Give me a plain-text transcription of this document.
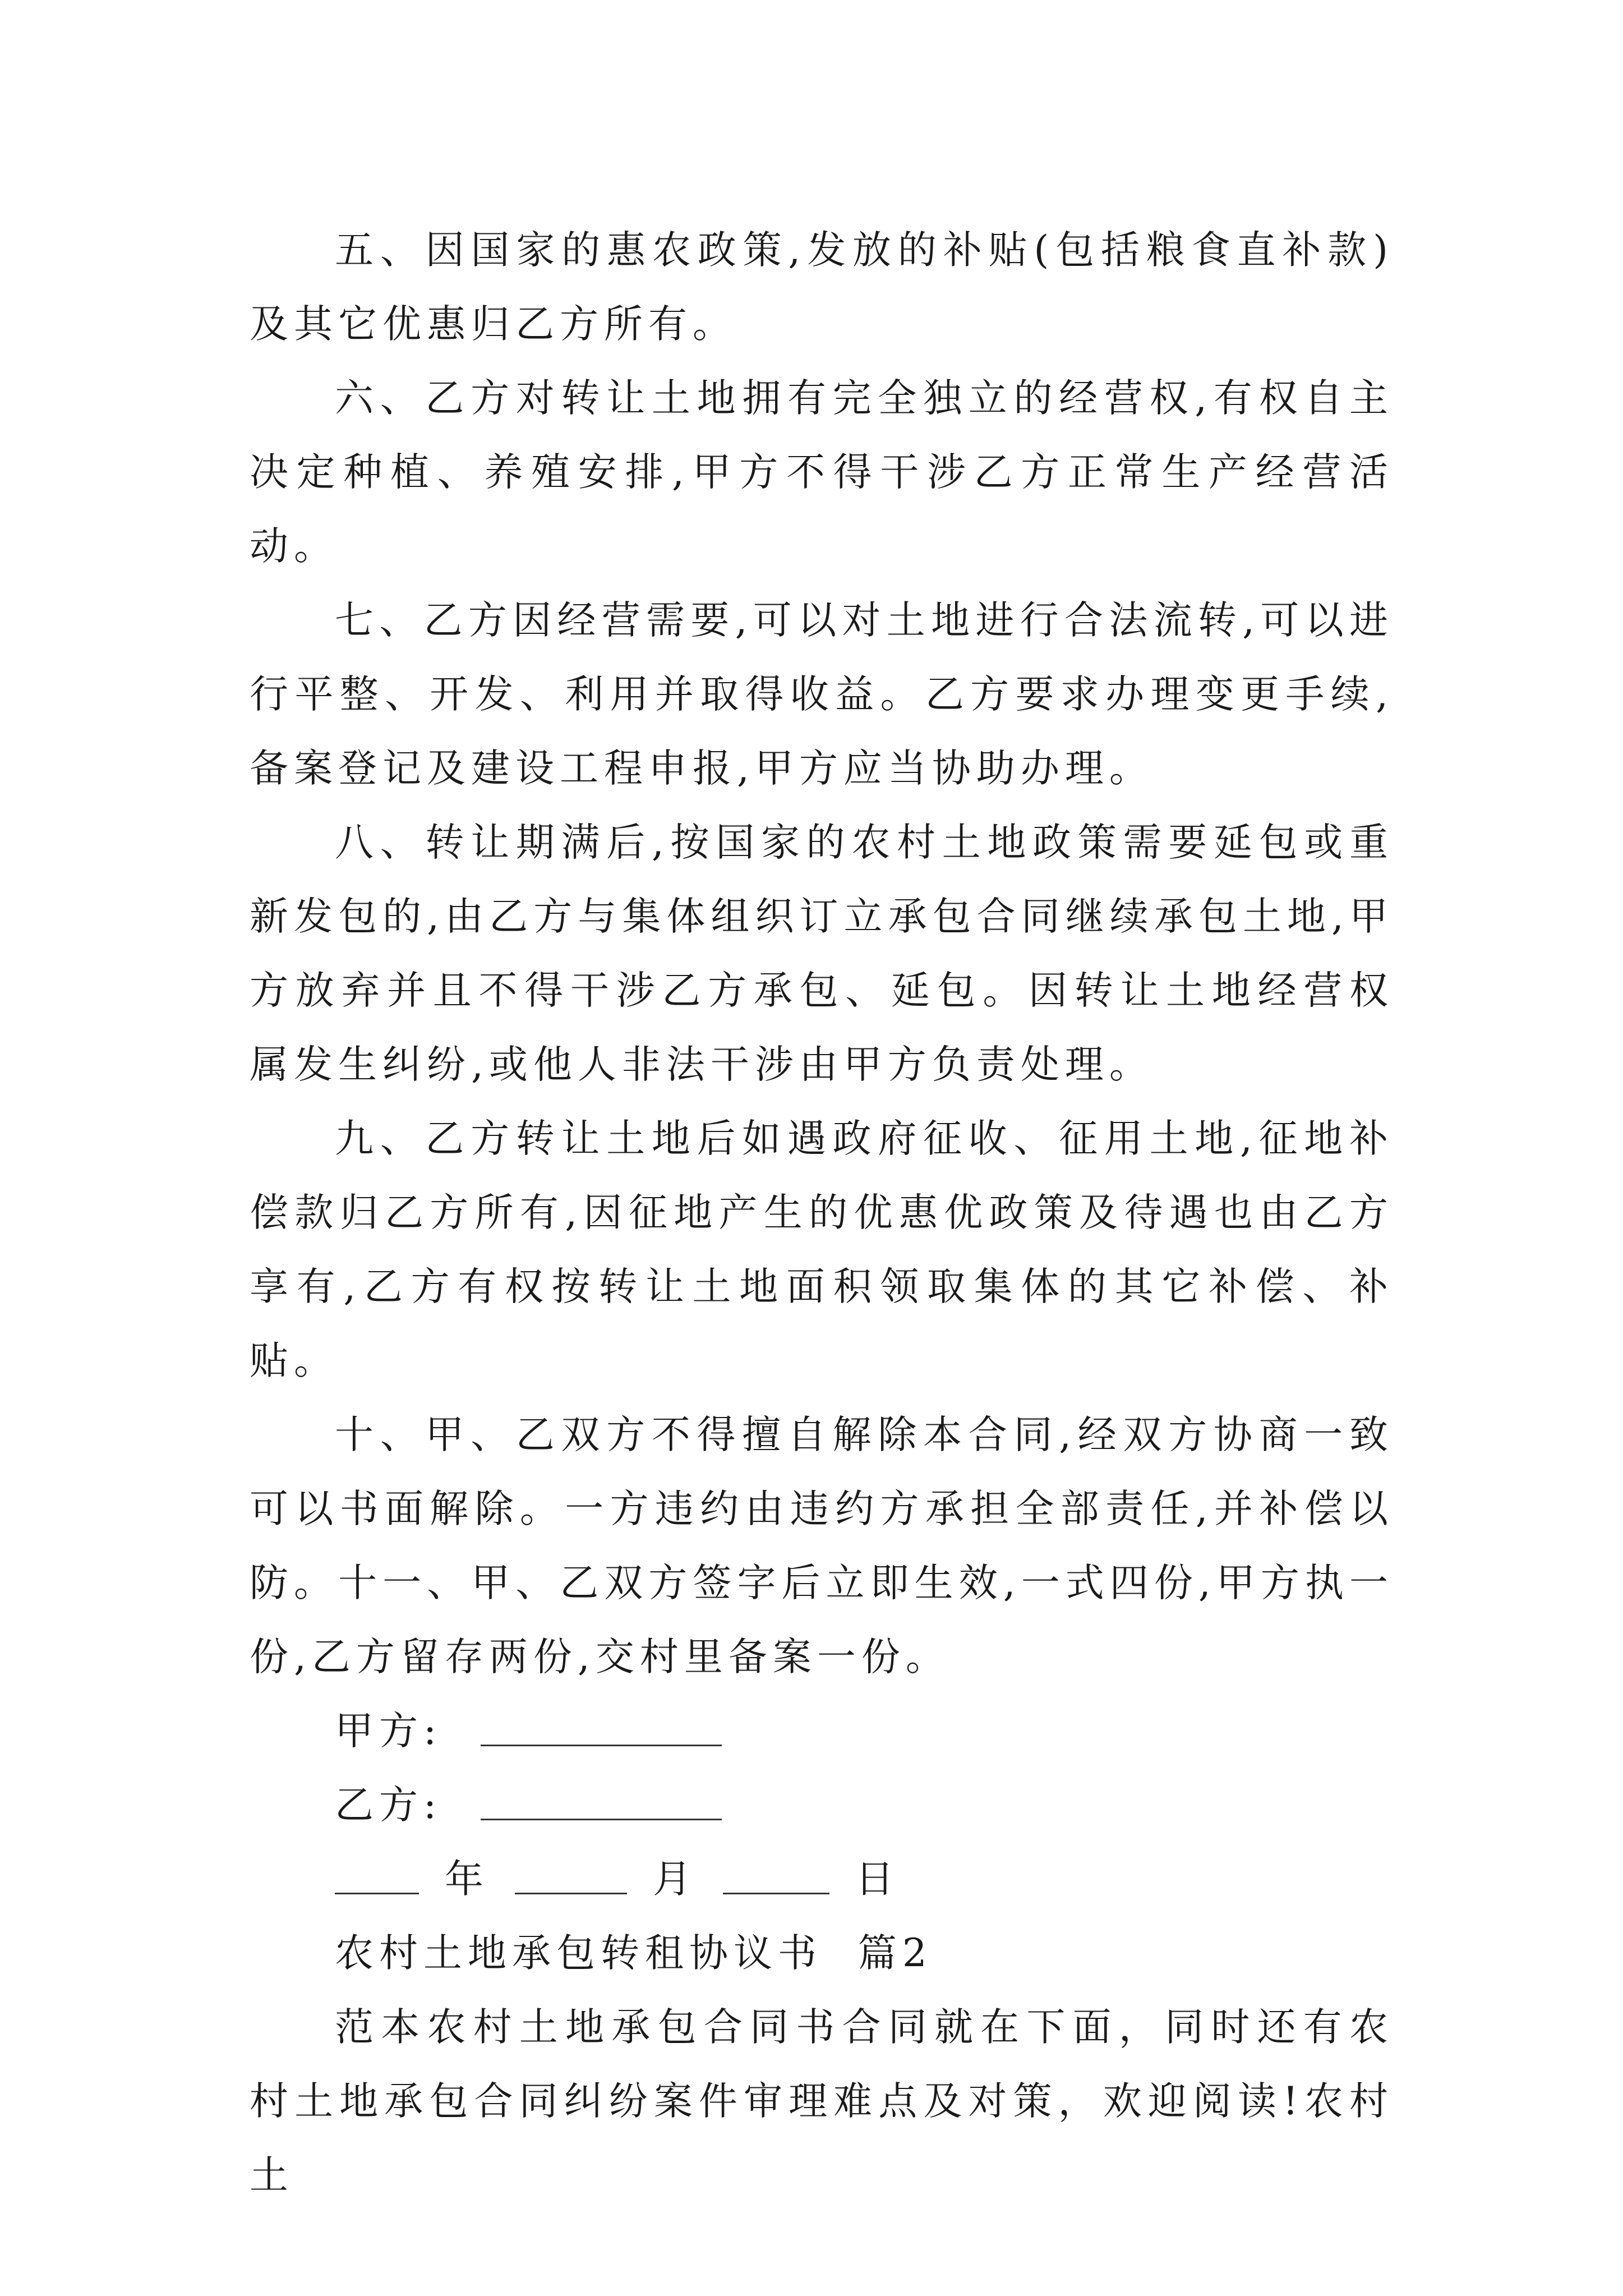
五、因国家的惠农政策,发放的补贴(包括粮食直补款)及其它优惠归乙方所有。

六、乙方对转让土地拥有完全独立的经营权,有权自主决定种植、养殖安排,甲方不得干涉乙方正常生产经营活动。

七、乙方因经营需要,可以对土地进行合法流转,可以进行平整、开发、利用并取得收益。乙方要求办理变更手续,备案登记及建设工程申报,甲方应当协助办理。

八、转让期满后,按国家的农村土地政策需要延包或重新发包的,由乙方与集体组织订立承包合同继续承包土地,甲方放弃并且不得干涉乙方承包、延包。因转让土地经营权属发生纠纷,或他人非法干涉由甲方负责处理。

九、乙方转让土地后如遇政府征收、征用土地,征地补偿款归乙方所有,因征地产生的优惠优政策及待遇也由乙方享有,乙方有权按转让土地面积领取集体的其它补偿、补贴。

十、甲、乙双方不得擅自解除本合同,经双方协商一致可以书面解除。一方违约由违约方承担全部责任,并补偿以防。十一、甲、乙双方签字后立即生效,一式四份,甲方执一份,乙方留存两份,交村里备案一份。

甲方:
乙方:
年	月	日
农村土地承包转租协议书  篇2

范本农村土地承包合同书合同就在下面，同时还有农村土地承包合同纠纷案件审理难点及对策，欢迎阅读!农村土
